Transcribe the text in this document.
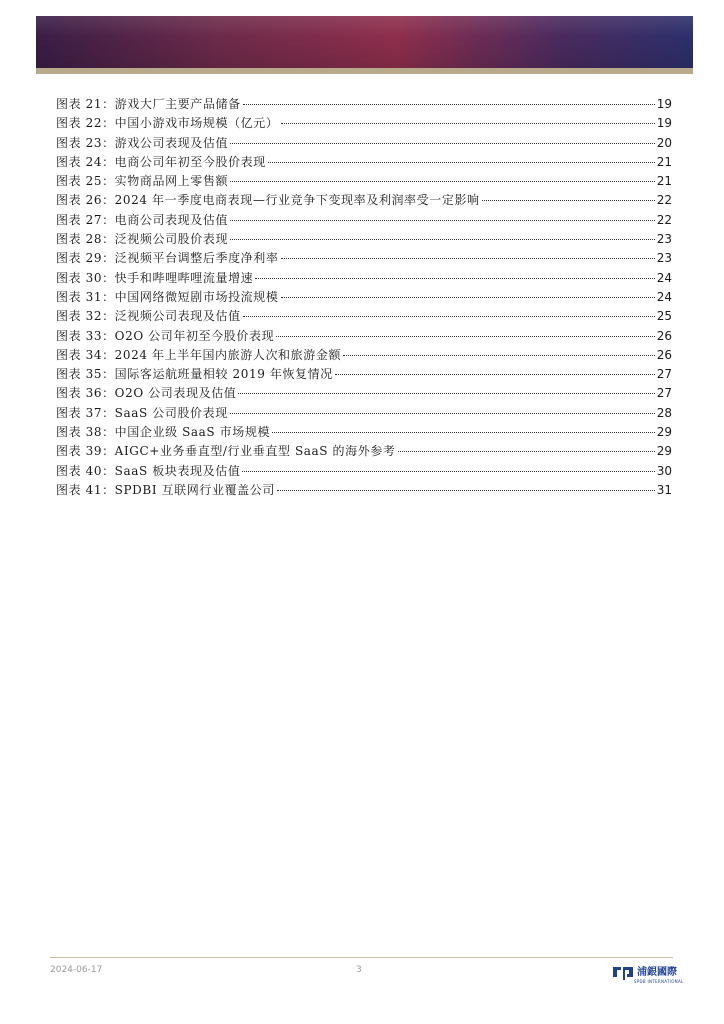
图表 21：游戏大厂主要产品储备	19
图表 22：中国小游戏市场规模（亿元）	19
图表 23：游戏公司表现及估值	20
图表 24：电商公司年初至今股价表现	21
图表 25：实物商品网上零售额	21
图表 26：2024 年一季度电商表现—行业竞争下变现率及利润率受一定影响	22
图表 27：电商公司表现及估值	22
图表 28：泛视频公司股价表现	23
图表 29：泛视频平台调整后季度净利率	23
图表 30：快手和哔哩哔哩流量增速	24
图表 31：中国网络微短剧市场投流规模	24
图表 32：泛视频公司表现及估值	25
图表 33：O2O 公司年初至今股价表现	26
图表 34：2024 年上半年国内旅游人次和旅游金额	26
图表 35：国际客运航班量相较 2019 年恢复情况	27
图表 36：O2O 公司表现及估值	27
图表 37：SaaS 公司股价表现	28
图表 38：中国企业级 SaaS 市场规模	29
图表 39：AIGC+业务垂直型/行业垂直型 SaaS 的海外参考	29
图表 40：SaaS 板块表现及估值	30
图表 41：SPDBI 互联网行业覆盖公司	31
2024-06-17	3	浦銀國際
SPDB INTERNATIONAL
